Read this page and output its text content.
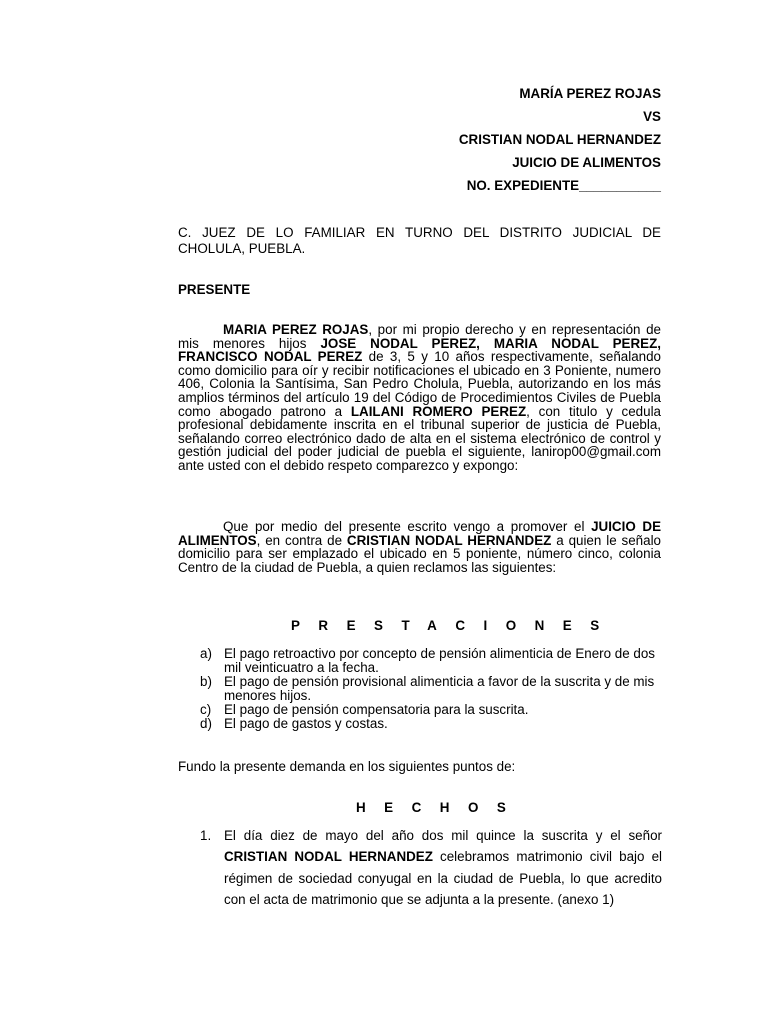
MARÍA PEREZ ROJAS
VS
CRISTIAN NODAL HERNANDEZ
JUICIO DE ALIMENTOS
NO. EXPEDIENTE___________
C. JUEZ DE LO FAMILIAR EN TURNO DEL DISTRITO JUDICIAL DE CHOLULA, PUEBLA.
PRESENTE
MARIA PEREZ ROJAS, por mi propio derecho y en representación de mis menores hijos JOSE NODAL PEREZ, MARIA NODAL PEREZ, FRANCISCO NODAL PEREZ de 3, 5 y 10 años respectivamente, señalando como domicilio para oír y recibir notificaciones el ubicado en 3 Poniente, numero 406, Colonia la Santísima, San Pedro Cholula, Puebla, autorizando en los más amplios términos del artículo 19 del Código de Procedimientos Civiles de Puebla como abogado patrono a LAILANI ROMERO PEREZ, con titulo y cedula profesional debidamente inscrita en el tribunal superior de justicia de Puebla, señalando correo electrónico dado de alta en el sistema electrónico de control y gestión judicial del poder judicial de puebla el siguiente, lanirop00@gmail.com ante usted con el debido respeto comparezco y expongo:
Que por medio del presente escrito vengo a promover el JUICIO DE ALIMENTOS, en contra de CRISTIAN NODAL HERNANDEZ a quien le señalo domicilio para ser emplazado el ubicado en 5 poniente, número cinco, colonia Centro de la ciudad de Puebla, a quien reclamos las siguientes:
PRESTACIONES
a) El pago retroactivo por concepto de pensión alimenticia de Enero de dos mil veinticuatro a la fecha.
b) El pago de pensión provisional alimenticia a favor de la suscrita y de mis menores hijos.
c) El pago de pensión compensatoria para la suscrita.
d) El pago de gastos y costas.
Fundo la presente demanda en los siguientes puntos de:
HECHOS
1. El día diez de mayo del año dos mil quince la suscrita y el señor CRISTIAN NODAL HERNANDEZ celebramos matrimonio civil bajo el régimen de sociedad conyugal en la ciudad de Puebla, lo que acredito con el acta de matrimonio que se adjunta a la presente. (anexo 1)
